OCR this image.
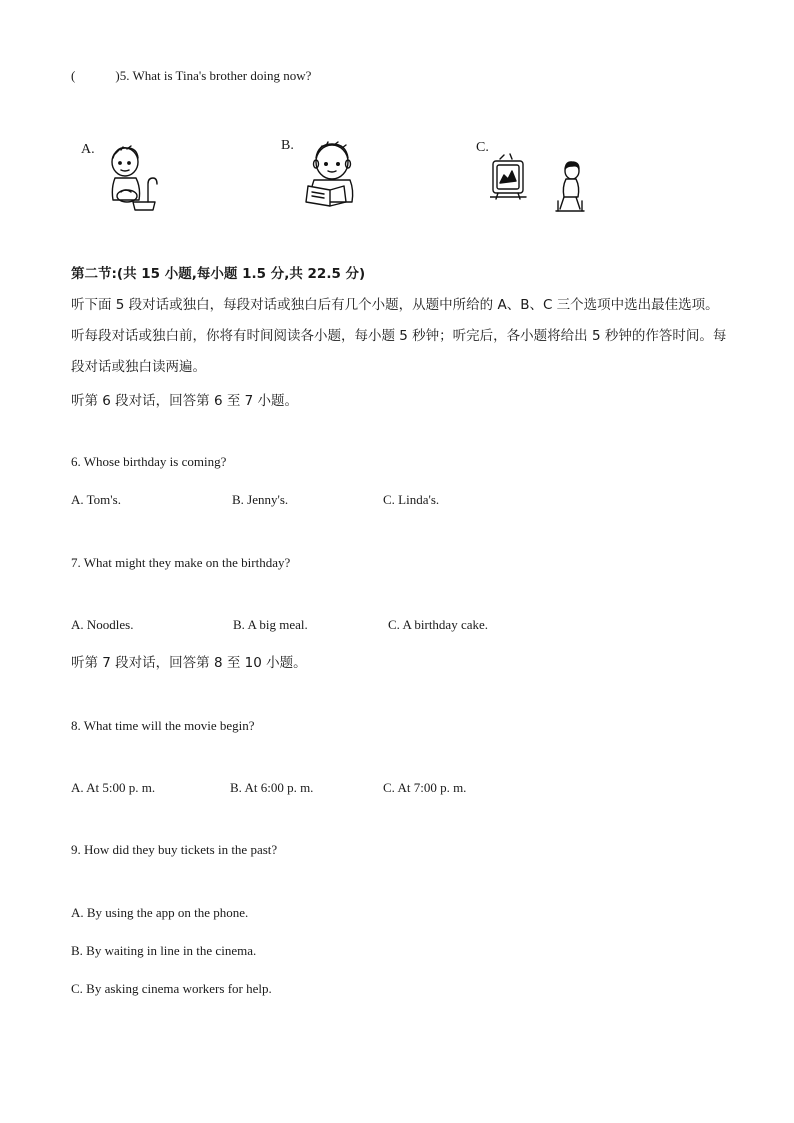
(	)5. What is Tina's brother doing now?
A.	B.	C.
第二节:(共 15 小题,每小题 1.5 分,共 22.5 分)
听下面 5 段对话或独白，每段对话或独白后有几个小题，从题中所给的 A、B、C 三个选项中选出最佳选项。听每段对话或独白前，你将有时间阅读各小题，每小题 5 秒钟；听完后，各小题将给出 5 秒钟的作答时间。每段对话或独白读两遍。
听第 6 段对话，回答第 6 至 7 小题。
6. Whose birthday is coming?
A. Tom's.	B. Jenny's.	C. Linda's.
7. What might they make on the birthday?
A. Noodles.	B. A big meal.	C. A birthday cake.
听第 7 段对话，回答第 8 至 10 小题。
8. What time will the movie begin?
A. At 5:00 p. m.	B. At 6:00 p. m.	C. At 7:00 p. m.
9. How did they buy tickets in the past?
A. By using the app on the phone.
B. By waiting in line in the cinema.
C. By asking cinema workers for help.
